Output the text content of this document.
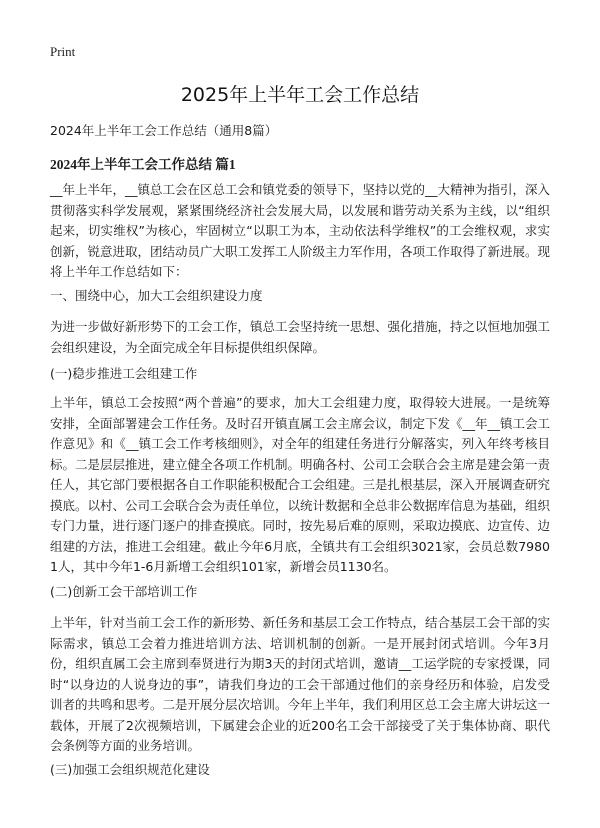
Print
2025年上半年工会工作总结

2024年上半年工会工作总结（通用8篇）

2024年上半年工会工作总结 篇1

__年上半年，__镇总工会在区总工会和镇党委的领导下，坚持以党的__大精神为指引，深入贯彻落实科学发展观，紧紧围绕经济社会发展大局，以发展和谐劳动关系为主线，以“组织起来，切实维权”为核心，牢固树立“以职工为本，主动依法科学维权”的工会维权观，求实创新，锐意进取，团结动员广大职工发挥工人阶级主力军作用，各项工作取得了新进展。现将上半年工作总结如下：

一、围绕中心，加大工会组织建设力度

为进一步做好新形势下的工会工作，镇总工会坚持统一思想、强化措施，持之以恒地加强工会组织建设，为全面完成全年目标提供组织保障。

(一)稳步推进工会组建工作

上半年，镇总工会按照“两个普遍”的要求，加大工会组建力度，取得较大进展。一是统筹安排，全面部署建会工作任务。及时召开镇直属工会主席会议，制定下发《__年__镇工会工作意见》和《__镇工会工作考核细则》，对全年的组建任务进行分解落实，列入年终考核目标。二是层层推进，建立健全各项工作机制。明确各村、公司工会联合会主席是建会第一责任人，其它部门要根据各自工作职能积极配合工会组建。三是扎根基层，深入开展调查研究摸底。以村、公司工会联合会为责任单位，以统计数据和全总非公数据库信息为基础，组织专门力量，进行逐门逐户的排查摸底。同时，按先易后难的原则，采取边摸底、边宣传、边组建的方法，推进工会组建。截止今年6月底，全镇共有工会组织3021家，会员总数79801人，其中今年1-6月新增工会组织101家，新增会员1130名。

(二)创新工会干部培训工作

上半年，针对当前工会工作的新形势、新任务和基层工会工作特点，结合基层工会干部的实际需求，镇总工会着力推进培训方法、培训机制的创新。一是开展封闭式培训。今年3月份，组织直属工会主席到奉贤进行为期3天的封闭式培训，邀请__工运学院的专家授课，同时“以身边的人说身边的事”，请我们身边的工会干部通过他们的亲身经历和体验，启发受训者的共鸣和思考。二是开展分层次培训。今年上半年，我们利用区总工会主席大讲坛这一载体，开展了2次视频培训，下属建会企业的近200名工会干部接受了关于集体协商、职代会条例等方面的业务培训。

(三)加强工会组织规范化建设
